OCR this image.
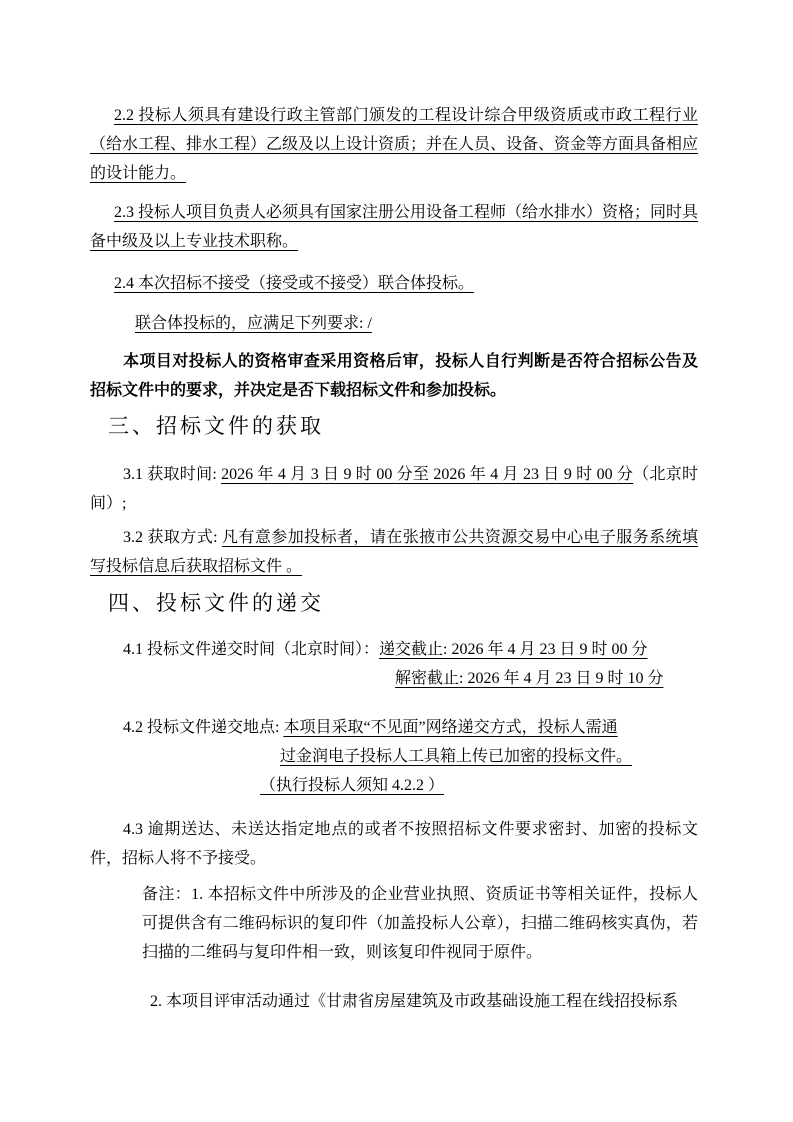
2.2 投标人须具有建设行政主管部门颁发的工程设计综合甲级资质或市政工程行业（给水工程、排水工程）乙级及以上设计资质；并在人员、设备、资金等方面具备相应的设计能力。

2.3 投标人项目负责人必须具有国家注册公用设备工程师（给水排水）资格；同时具备中级及以上专业技术职称。

2.4 本次招标不接受（接受或不接受）联合体投标。

联合体投标的，应满足下列要求: /

本项目对投标人的资格审查采用资格后审，投标人自行判断是否符合招标公告及招标文件中的要求，并决定是否下载招标文件和参加投标。

三、招标文件的获取

3.1 获取时间: 2026 年 4 月 3 日 9 时 00 分至 2026 年 4 月 23 日 9 时 00 分（北京时间）;

3.2 获取方式: 凡有意参加投标者，请在张掖市公共资源交易中心电子服务系统填写投标信息后获取招标文件 。

四、投标文件的递交
4.1 投标文件递交时间（北京时间）：递交截止: 2026 年 4 月 23 日 9 时 00 分
解密截止: 2026 年 4 月 23 日 9 时 10 分
4.2 投标文件递交地点: 本项目采取“不见面”网络递交方式，投标人需通
过金润电子投标人工具箱上传已加密的投标文件。
（执行投标人须知 4.2.2 ）

4.3 逾期送达、未送达指定地点的或者不按照招标文件要求密封、加密的投标文件，招标人将不予接受。

备注：1. 本招标文件中所涉及的企业营业执照、资质证书等相关证件，投标人可提供含有二维码标识的复印件（加盖投标人公章），扫描二维码核实真伪，若扫描的二维码与复印件相一致，则该复印件视同于原件。

2. 本项目评审活动通过《甘肃省房屋建筑及市政基础设施工程在线招投标系
